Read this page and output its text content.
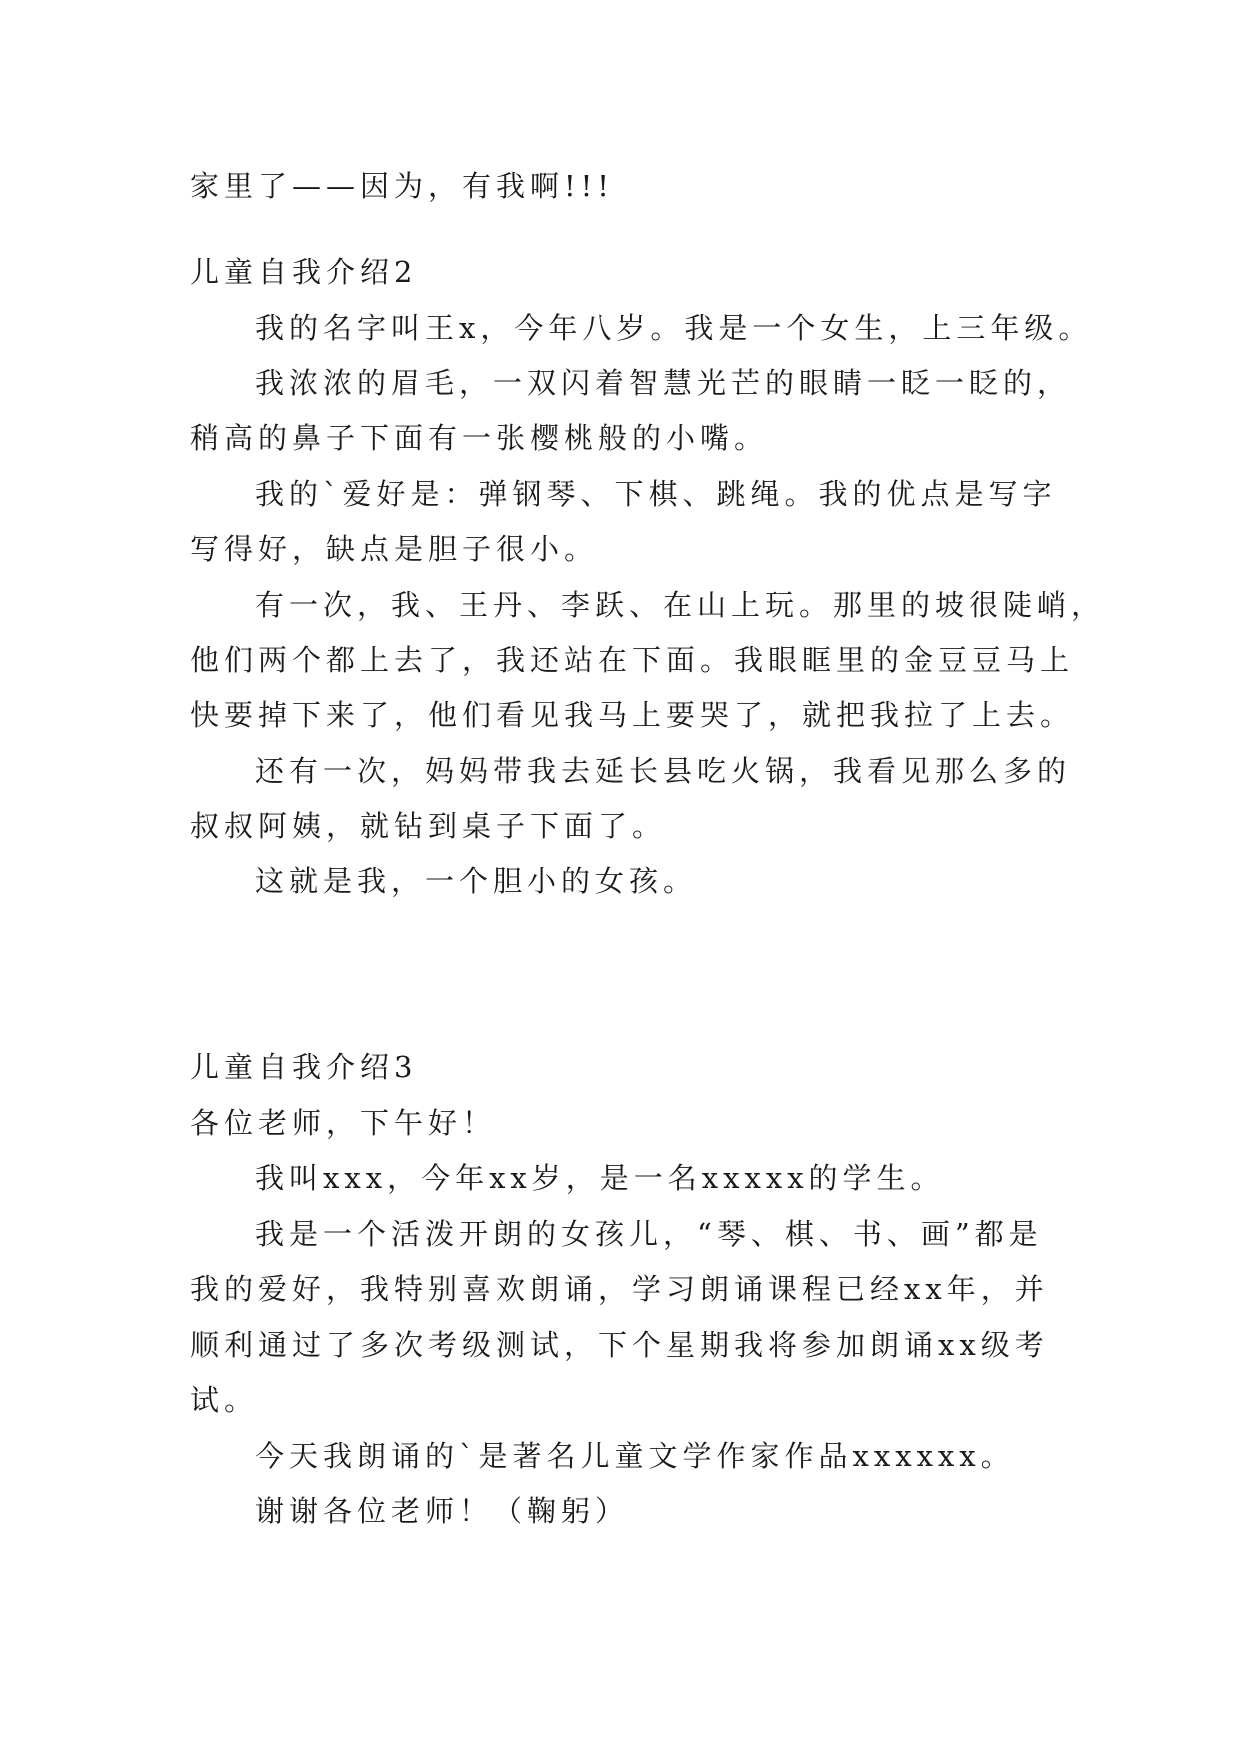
家里了——因为，有我啊!!!

儿童自我介绍2

我的名字叫王x，今年八岁。我是一个女生，上三年级。

我浓浓的眉毛，一双闪着智慧光芒的眼睛一眨一眨的，

稍高的鼻子下面有一张樱桃般的小嘴。

我的`爱好是：弹钢琴、下棋、跳绳。我的优点是写字

写得好，缺点是胆子很小。

有一次，我、王丹、李跃、在山上玩。那里的坡很陡峭，

他们两个都上去了，我还站在下面。我眼眶里的金豆豆马上

快要掉下来了，他们看见我马上要哭了，就把我拉了上去。

还有一次，妈妈带我去延长县吃火锅，我看见那么多的

叔叔阿姨，就钻到桌子下面了。

这就是我，一个胆小的女孩。

儿童自我介绍3

各位老师，下午好！

我叫xxx，今年xx岁，是一名xxxxx的学生。

我是一个活泼开朗的女孩儿，“琴、棋、书、画”都是

我的爱好，我特别喜欢朗诵，学习朗诵课程已经xx年，并

顺利通过了多次考级测试，下个星期我将参加朗诵xx级考

试。

今天我朗诵的`是著名儿童文学作家作品xxxxxx。

谢谢各位老师！（鞠躬）
